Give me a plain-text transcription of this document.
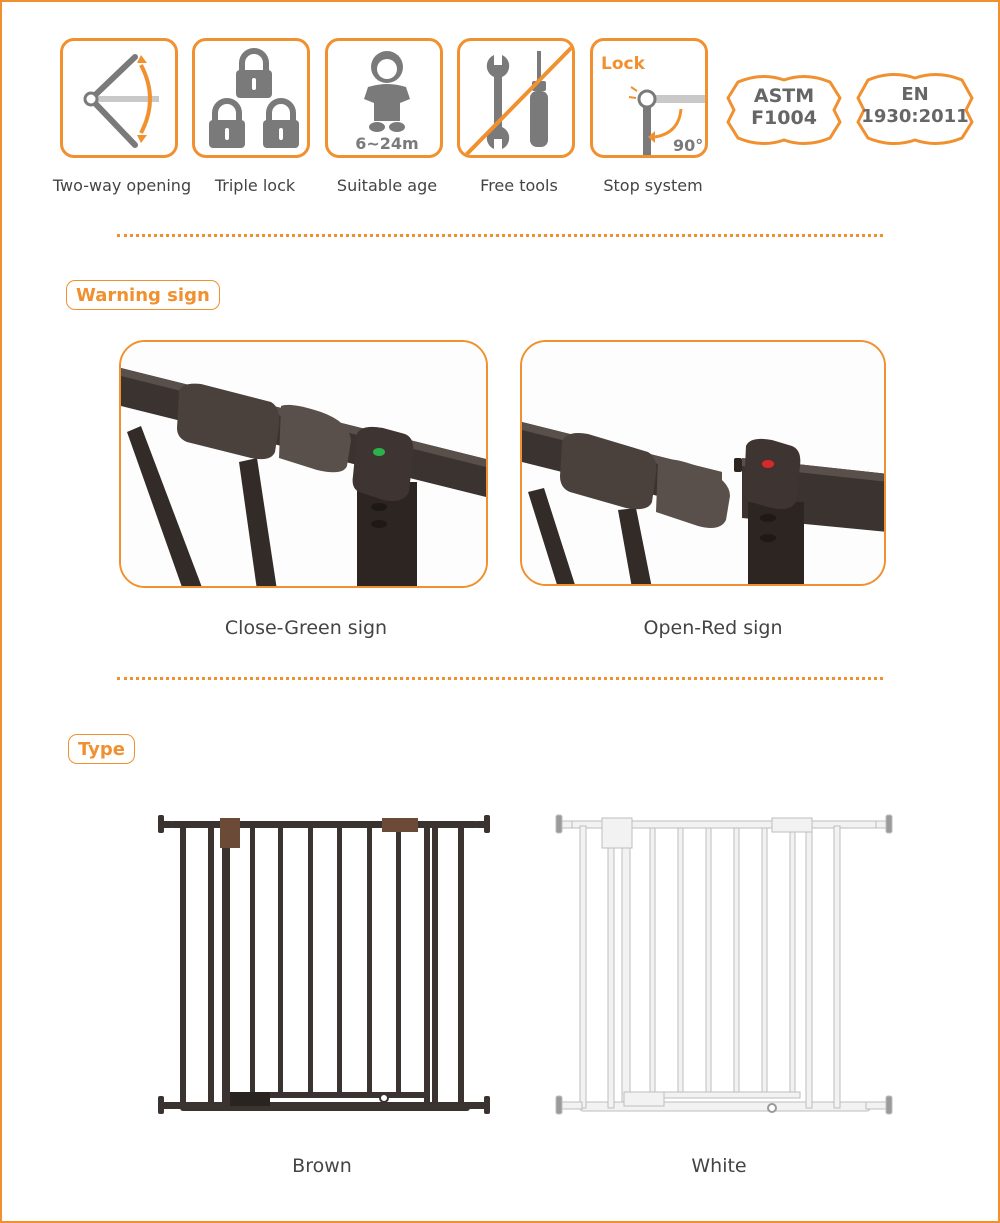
6~24m
Lock
90°
ASTM
F1004
EN
1930:2011
Two-way opening	Triple lock	Suitable age	Free tools	Stop system
Warning sign
Close-Green sign	Open-Red sign
Type
Brown	White
